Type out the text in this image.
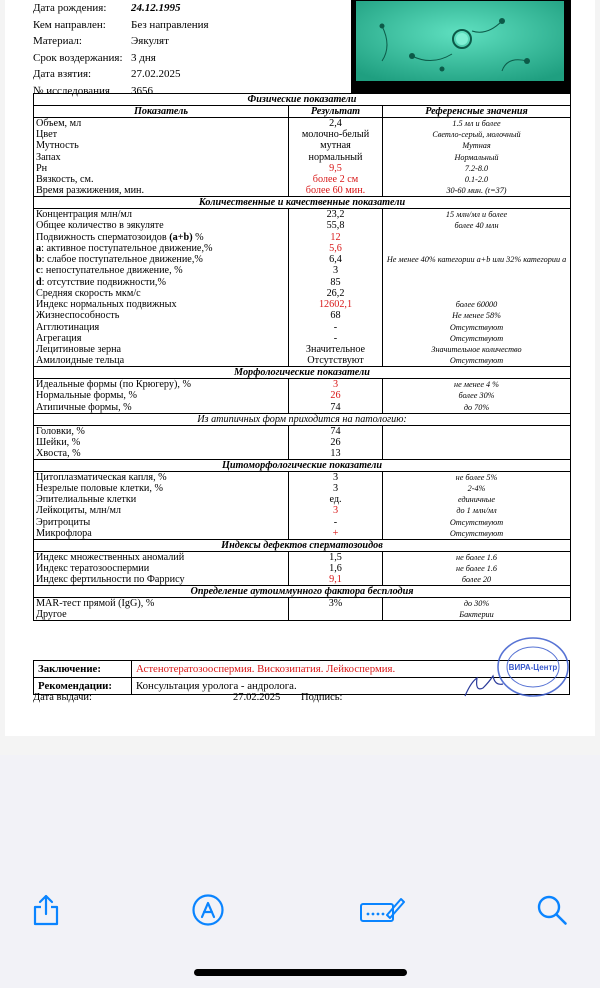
Дата рождения:	24.12.1995
Кем направлен:	Без направления
Материал:	Эякулят
Срок воздержания: 3 дня
Дата взятия:	27.02.2025
№ исследования	3656
Физические показатели		
Показатель	Результат	Референсные значения
Объем, мл	2,4	1.5 мл и более
Цвет	молочно-белый	Светло-серый, молочный
Мутность	мутная	Мутная
Запах	нормальный	Нормальный
Рн	9,5	7.2-8.0
Вязкость, см.	более 2 см	0.1-2.0
Время разжижения, мин.	более 60 мин.	30-60 мин. (t=37)
Количественные и качественные показатели		
Концентрация млн/мл	23,2	15 млн/мл и более
Общее количество в эякуляте	55,8	более 40 млн
Подвижность сперматозоидов (a+b) %	12	Не менее 40% категории a+b или 32% категории a
a: активное поступательное движение,%	5,6	
b: слабое поступательное движение,%	6,4	
c: непоступательное движение, %	3	
d: отсутствие подвижности,%	85	
Средняя скорость мкм/с	26,2	
Индекс нормальных подвижных	12602,1	более 60000
Жизнеспособность	68	Не менее 58%
Агглютинация	-	Отсутствуют
Агрегация	-	Отсутствуют
Лецитиновые зерна	Значительное	Значительное количество
Амилоидные тельца	Отсутствуют	Отсутствуют
Морфологические показатели		
Идеальные формы (по Крюгеру), %	3	не менее 4 %
Нормальные формы, %	26	более 30%
Атипичные формы, %	74	до 70%
Из атипичных форм приходится на патологию:		
Головки, %	74	
Шейки, %	26	
Хвоста, %	13	
Цитоморфологические показатели		
Цитоплазматическая капля, %	3	не более 5%
Незрелые половые клетки, %	3	2-4%
Эпителиальные клетки	ед.	единичные
Лейкоциты, млн/мл	3	до 1 млн/мл
Эритроциты	-	Отсутствуют
Микрофлора	+	Отсутствуют
Индексы дефектов сперматозоидов		
Индекс множественных аномалий	1,5	не более 1.6
Индекс тератозооспермии	1,6	не более 1.6
Индекс фертильности по Фаррису	9,1	более 20
Определение аутоиммунного фактора бесплодия		
MAR-тест прямой (IgG), %	3%	до 30%
Другое		Бактерии
Заключение:	Астенотератозооспермия. Вискозипатия. Лейкоспермия.
Рекомендации:	Консультация уролога - андролога.
Дата выдачи:	27.02.2025	Подпись:
ВИРА-Центр
